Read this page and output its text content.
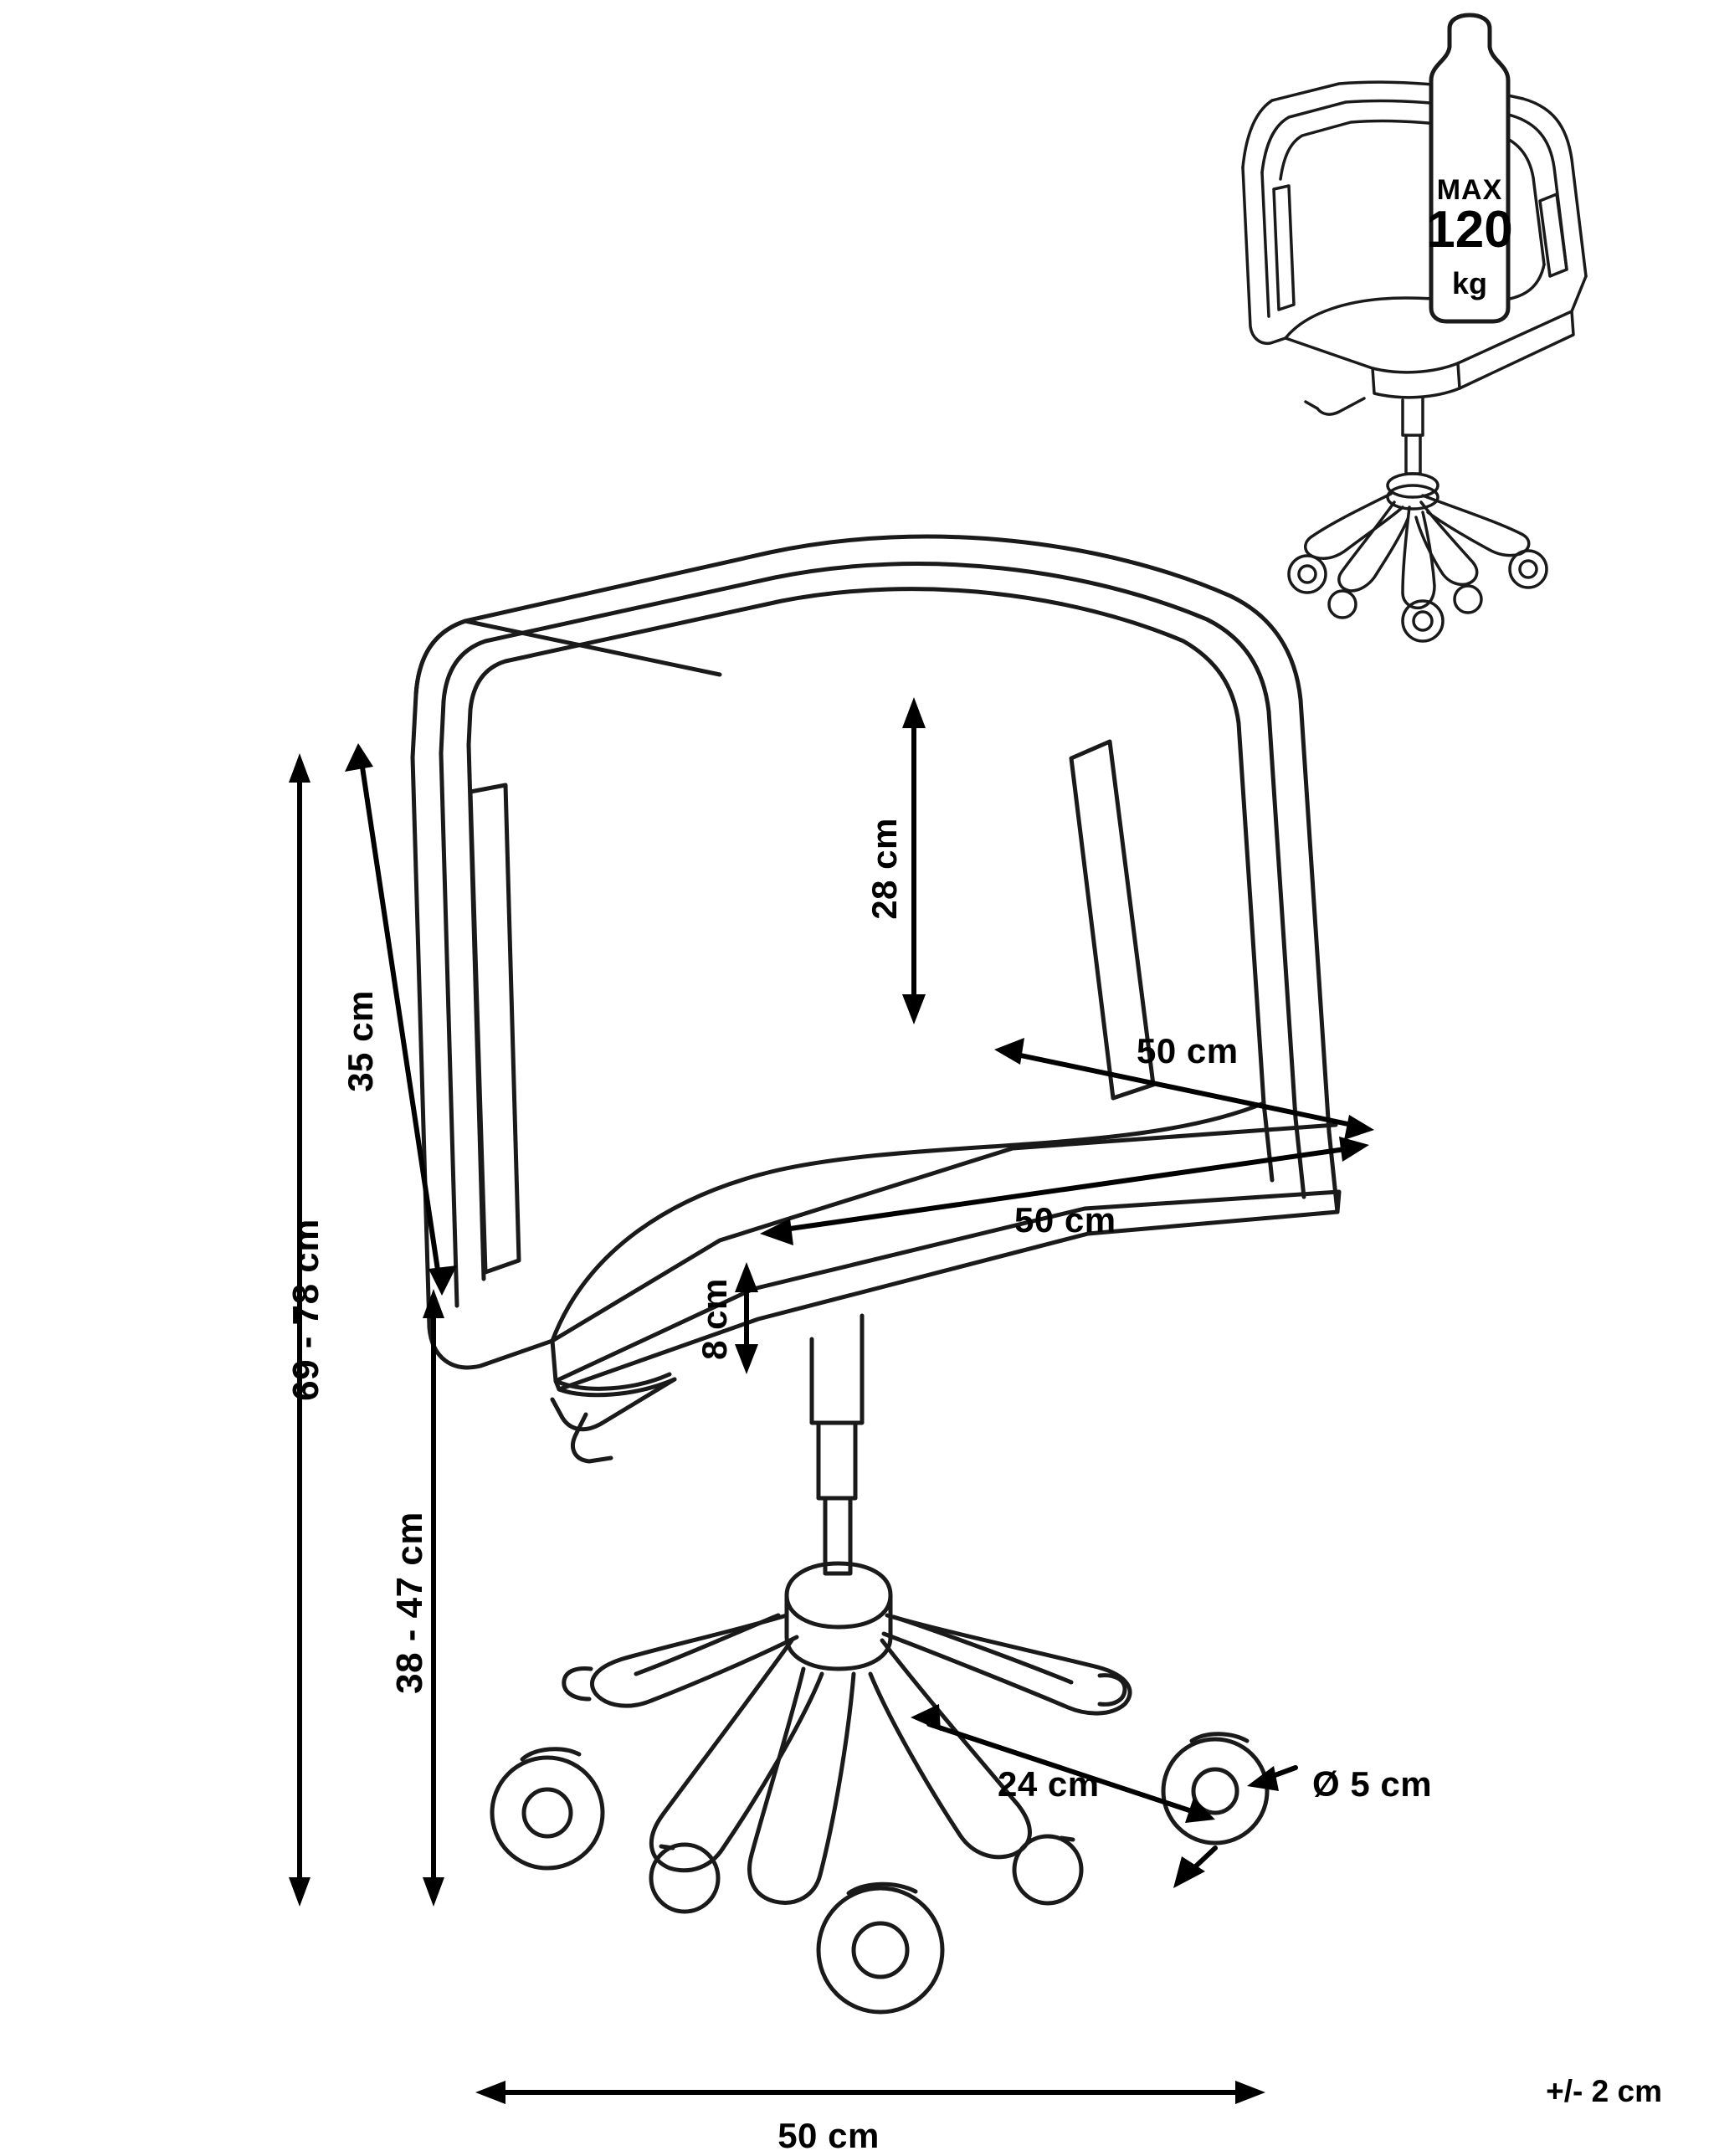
MAX
120
kg
69 - 78 cm
38 - 47 cm
35 cm
28 cm
50 cm
50 cm
8 cm
24 cm	Ø 5 cm
50 cm
+/- 2 cm
